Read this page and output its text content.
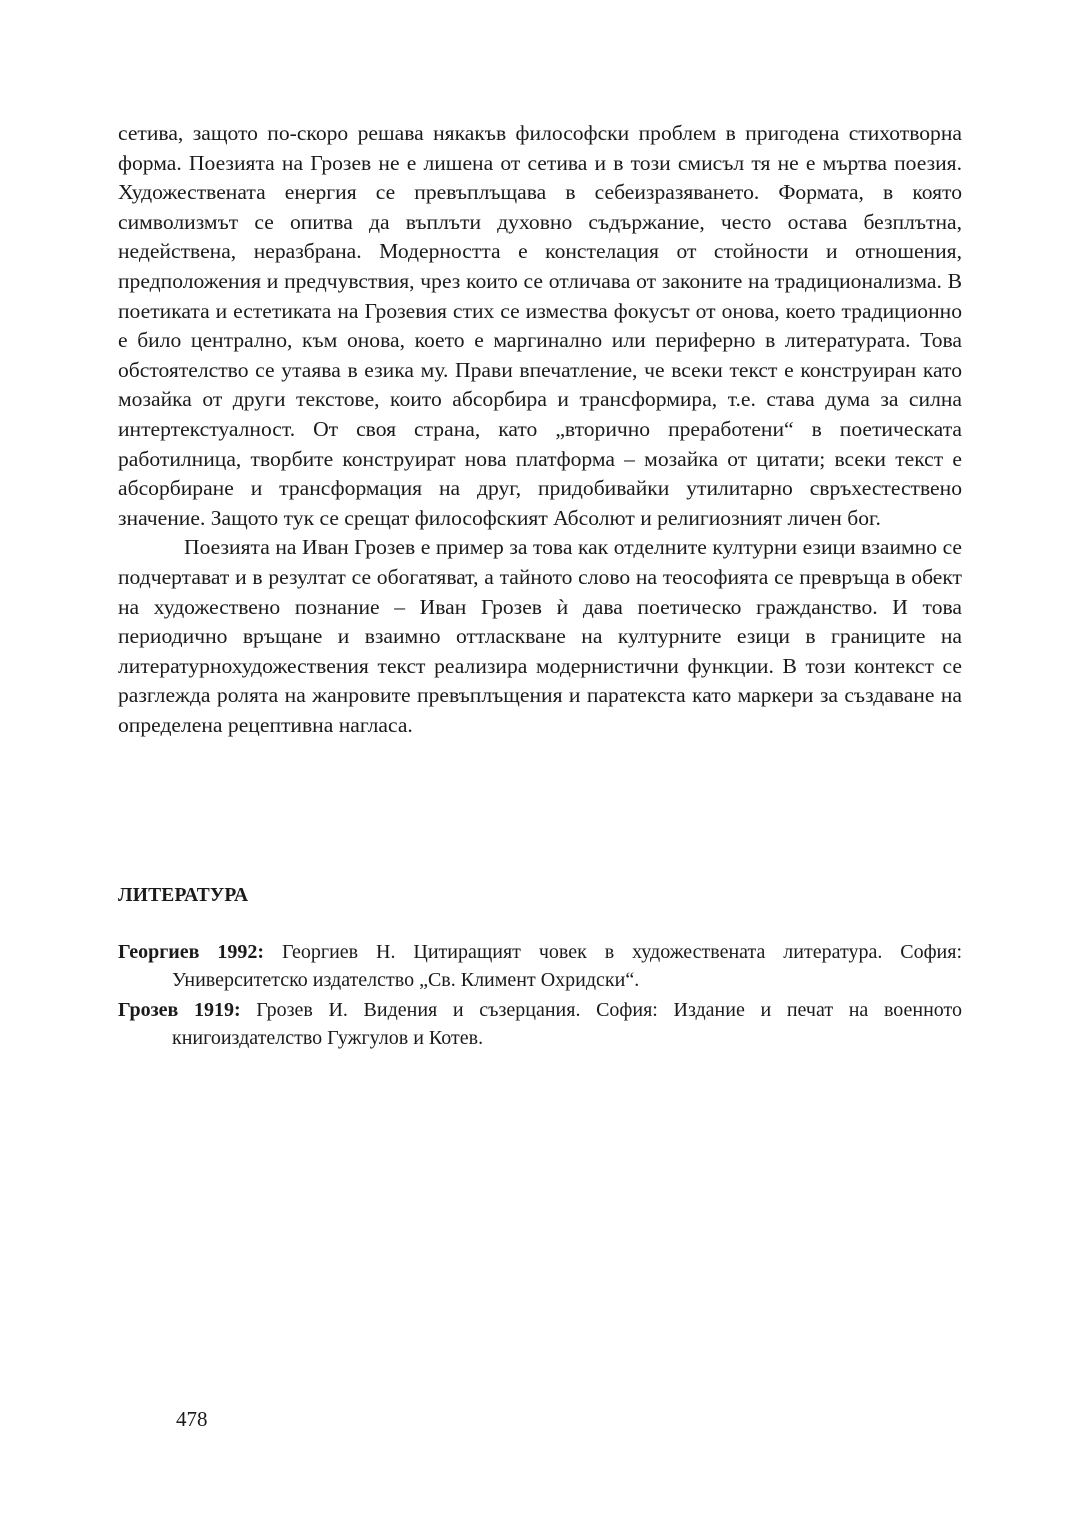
сетива, защото по-скоро решава някакъв философски проблем в пригодена стихотворна форма. Поезията на Грозев не е лишена от сетива и в този смисъл тя не е мъртва поезия. Художествената енергия се превъплъщава в себеизразяването. Формата, в която символизмът се опитва да въплъти духовно съдържание, често остава безплътна, недействена, неразбрана. Модерността е констелация от стойности и отношения, предположения и предчувствия, чрез които се отличава от законите на традиционализма. В поетиката и естетиката на Грозевия стих се измества фокусът от онова, което традиционно е било централно, към онова, което е маргинално или периферно в литературата. Това обстоятелство се утаява в езика му. Прави впечатление, че всеки текст е конструиран като мозайка от други текстове, които абсорбира и трансформира, т.е. става дума за силна интертекстуалност. От своя страна, като „вторично преработени“ в поетическата работилница, творбите конструират нова платформа – мозайка от цитати; всеки текст е абсорбиране и трансформация на друг, придобивайки утилитарно свръхестествено значение. Защото тук се срещат философският Абсолют и религиозният личен бог.

Поезията на Иван Грозев е пример за това как отделните културни езици взаимно се подчертават и в резултат се обогатяват, а тайното слово на теософията се превръща в обект на художествено познание – Иван Грозев ѝ дава поетическо гражданство. И това периодично връщане и взаимно оттласкване на културните езици в границите на литературнохудожествения текст реализира модернистични функции. В този контекст се разглежда ролята на жанровите превъплъщения и паратекста като маркери за създаване на определена рецептивна нагласа.

ЛИТЕРАТУРА

Георгиев 1992: Георгиев Н. Цитиращият човек в художествената литература. София: Университетско издателство „Св. Климент Охридски“.

Грозев 1919: Грозев И. Видения и съзерцания. София: Издание и печат на военното книгоиздателство Гужгулов и Котев.

478
